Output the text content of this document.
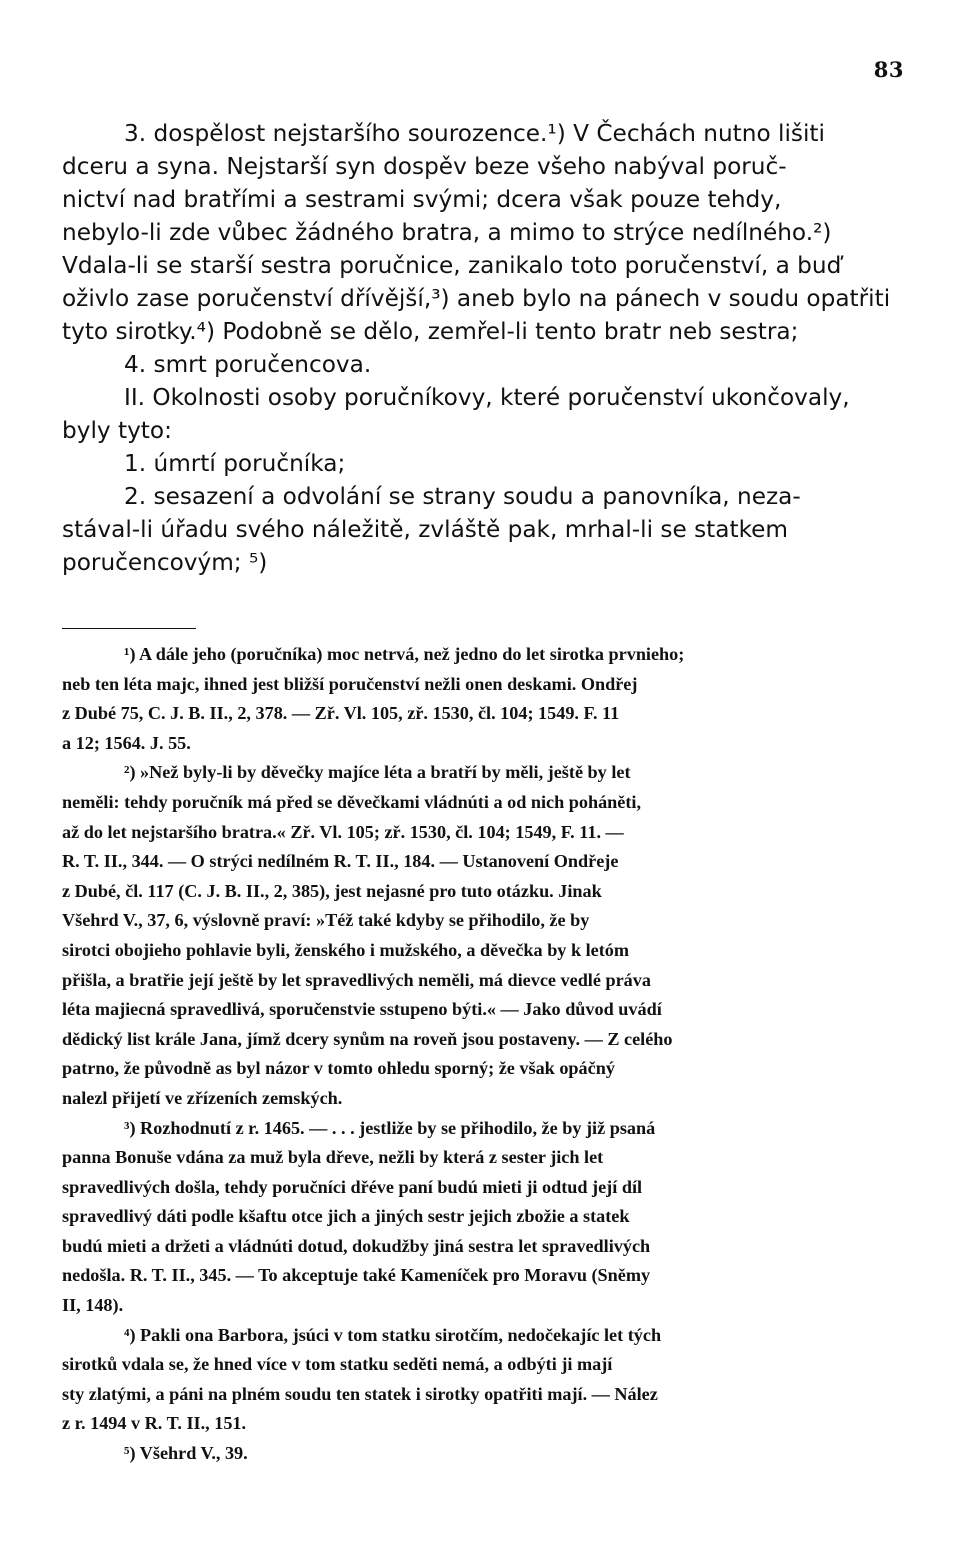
83

3. dospělost nejstaršího sourozence.¹) V Čechách nutno lišiti
dceru a syna. Nejstarší syn dospěv beze všeho nabýval poruč-
nictví nad bratřími a sestrami svými; dcera však pouze tehdy,
nebylo-li zde vůbec žádného bratra, a mimo to strýce nedílného.²)
Vdala-li se starší sestra poručnice, zanikalo toto poručenství, a buď
oživlo zase poručenství dřívější,³) aneb bylo na pánech v soudu opatřiti
tyto sirotky.⁴) Podobně se dělo, zemřel-li tento bratr neb sestra;

4. smrt poručencova.

II. Okolnosti osoby poručníkovy, které poručenství ukončovaly,
byly tyto:

1. úmrtí poručníka;

2. sesazení a odvolání se strany soudu a panovníka, neza-
stával-li úřadu svého náležitě, zvláště pak, mrhal-li se statkem
poručencovým; ⁵)

¹) A dále jeho (poručníka) moc netrvá, než jedno do let sirotka prvnieho;
neb ten léta majc, ihned jest bližší poručenství nežli onen deskami. Ondřej
z Dubé 75, C. J. B. II., 2, 378. — Zř. Vl. 105, zř. 1530, čl. 104; 1549. F. 11
a 12; 1564. J. 55.

²) »Než byly-li by děvečky majíce léta a bratří by měli, ještě by let
neměli: tehdy poručník má před se děvečkami vládnúti a od nich poháněti,
až do let nejstaršího bratra.« Zř. Vl. 105; zř. 1530, čl. 104; 1549, F. 11. —
R. T. II., 344. — O strýci nedílném R. T. II., 184. — Ustanovení Ondřeje
z Dubé, čl. 117 (C. J. B. II., 2, 385), jest nejasné pro tuto otázku. Jinak
Všehrd V., 37, 6, výslovně praví: »Též také kdyby se přihodilo, že by
sirotci obojieho pohlavie byli, ženského i mužského, a děvečka by k letóm
přišla, a bratřie její ještě by let spravedlivých neměli, má dievce vedlé práva
léta majiecná spravedlivá, sporučenstvie sstupeno býti.« — Jako důvod uvádí
dědický list krále Jana, jímž dcery synům na roveň jsou postaveny. — Z celého
patrno, že původně as byl názor v tomto ohledu sporný; že však opáčný
nalezl přijetí ve zřízeních zemských.

³) Rozhodnutí z r. 1465. — . . . jestliže by se přihodilo, že by již psaná
panna Bonuše vdána za muž byla dřeve, nežli by která z sester jich let
spravedlivých došla, tehdy poručníci dřéve paní budú mieti ji odtud její díl
spravedlivý dáti podle kšaftu otce jich a jiných sestr jejich zbožie a statek
budú mieti a držeti a vládnúti dotud, dokudžby jiná sestra let spravedlivých
nedošla. R. T. II., 345. — To akceptuje také Kameníček pro Moravu (Sněmy
II, 148).

⁴) Pakli ona Barbora, jsúci v tom statku sirotčím, nedočekajíc let tých
sirotků vdala se, že hned více v tom statku seděti nemá, a odbýti ji mají
sty zlatými, a páni na plném soudu ten statek i sirotky opatřiti mají. — Nález
z r. 1494 v R. T. II., 151.

⁵) Všehrd V., 39.
